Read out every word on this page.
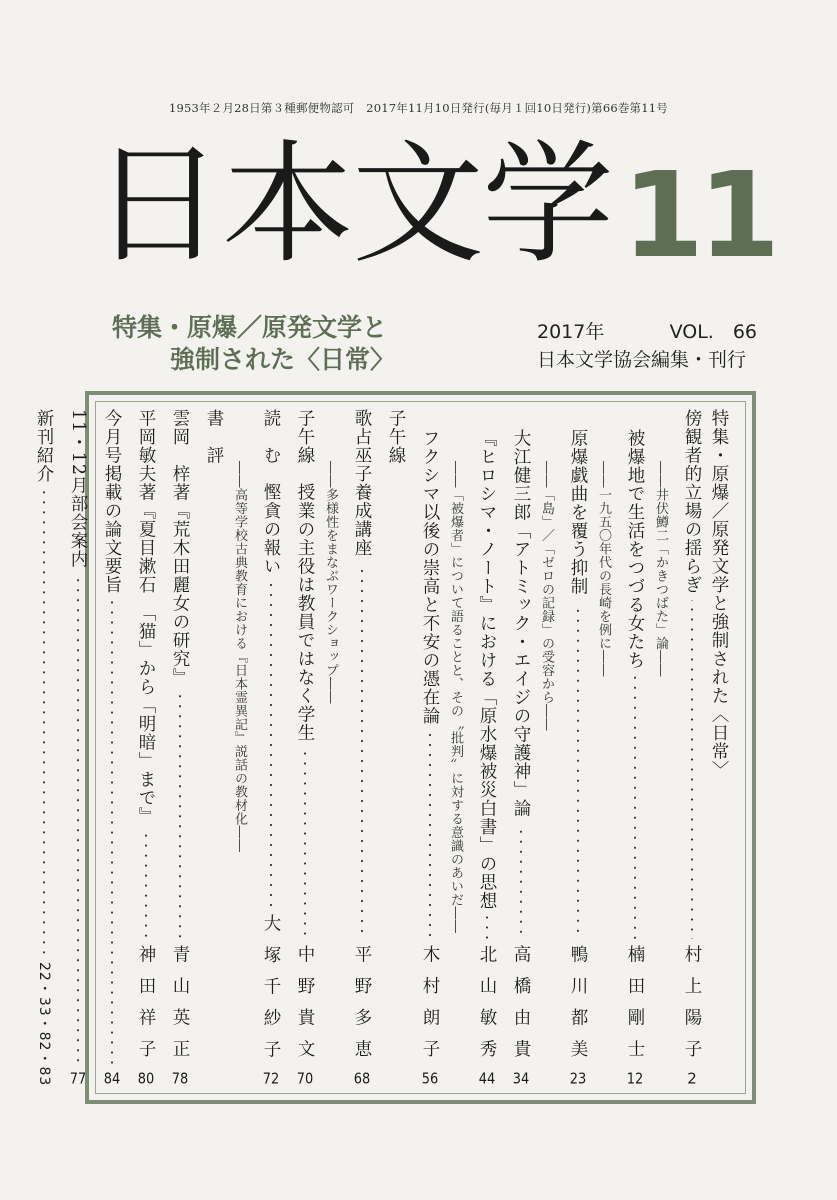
1953年２月28日第３種郵便物認可　2017年11月10日発行(毎月１回10日発行)第66巻第11号
日本文学 11
特集・原爆／原発文学と
強制された〈日常〉
2017年	VOL.　66
日本文学協会編集・刊行
特集・原爆／原発文学と強制された〈日常〉
傍観者的立場の揺らぎ
村上陽子
2
――井伏鱒二「かきつばた」論――
被爆地で生活をつづる女たち
楠田剛士
12
――一九五〇年代の長崎を例に――
原爆戯曲を覆う抑制
鴨川都美
23
――「島」／「ゼロの記録」の受容から――
大江健三郎「アトミック・エイジの守護神」論
高橋由貴
34
『ヒロシマ・ノート』における「原水爆被災白書」の思想
北山敏秀
44
――「被爆者」について語ることと、その〝批判〟に対する意識のあいだ――
フクシマ以後の崇高と不安の憑在論
木村朗子
56
子午線
歌占巫子養成講座
平野多恵
68
――多様性をまなぶワークショップ――
子午線　授業の主役は教員ではなく学生
中野貴文
70
読　む　慳貪の報い
大塚千紗子
72
――高等学校古典教育における『日本霊異記』説話の教材化――
書　評
雲岡　梓著『荒木田麗女の研究』
青山英正
78
平岡敏夫著『夏目漱石　「猫」から「明暗」まで』
神田祥子
80
今月号掲載の論文要旨
84
11・12月部会案内
77
新刊紹介
22・33・82・83
